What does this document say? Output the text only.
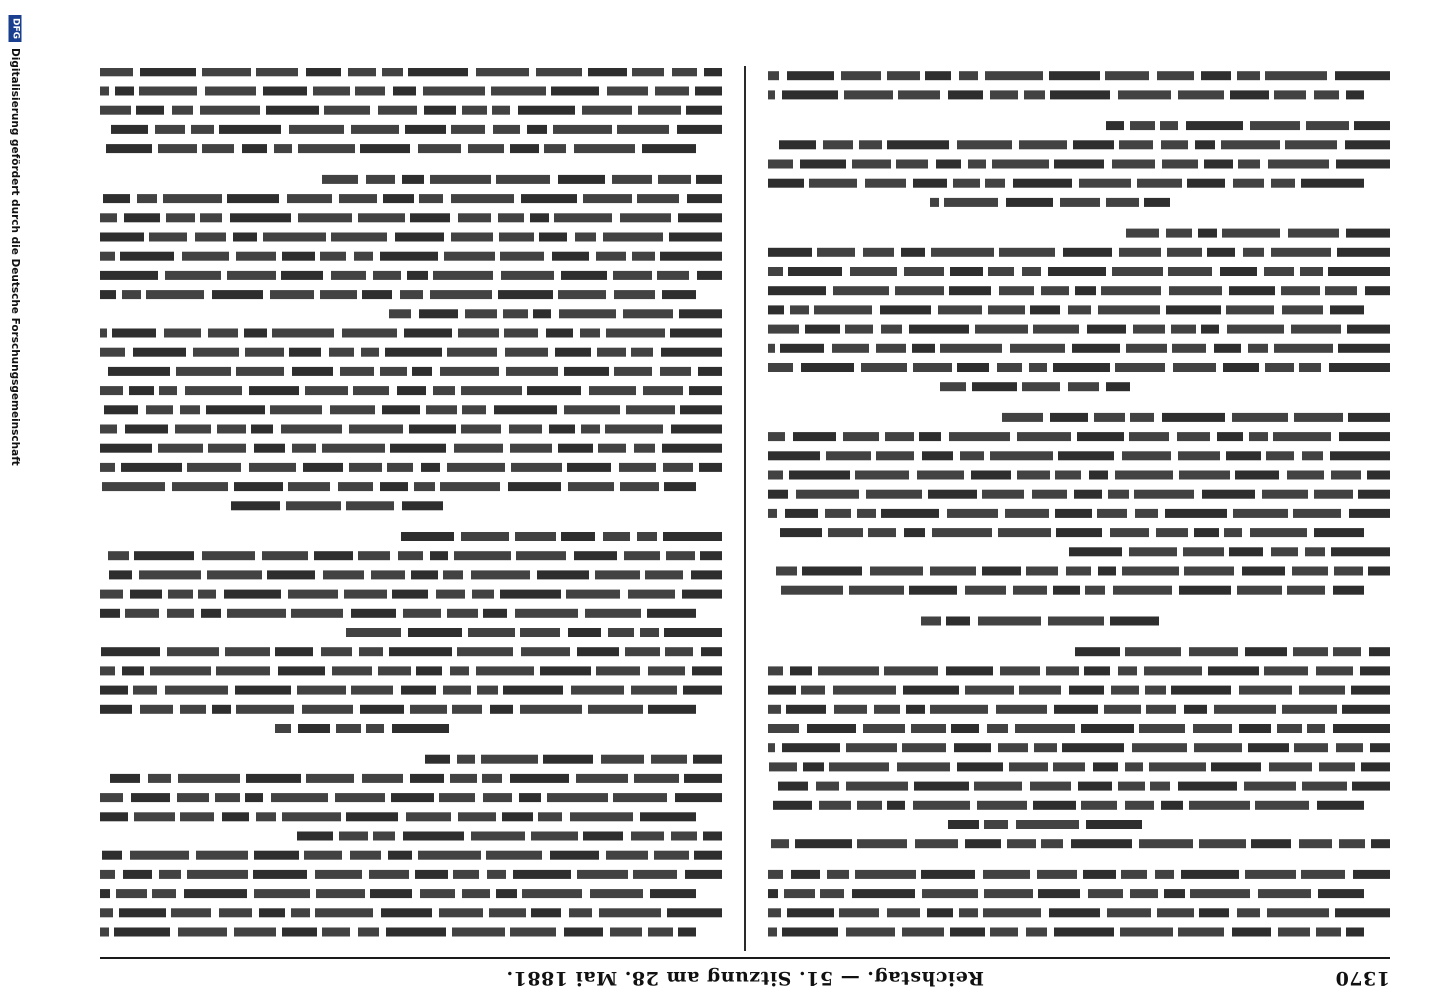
DFGDigitalisierung gefördert durch die Deutsche Forschungsgemeinschaft
1370
Reichstag. — 51. Sitzung am 28. Mai 1881.
